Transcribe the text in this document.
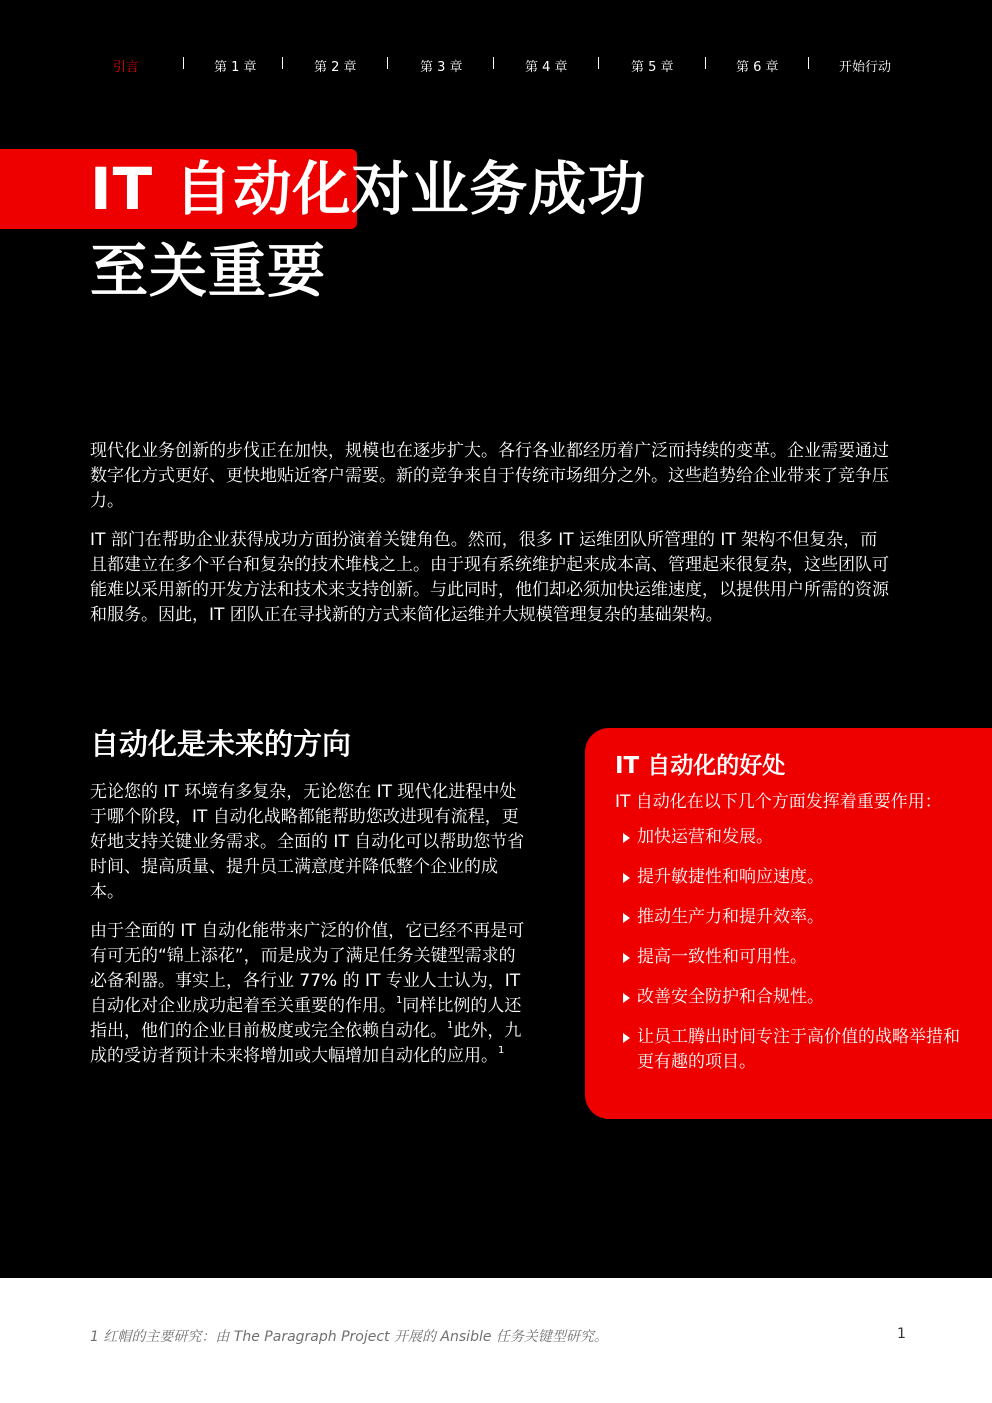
引言	第 1 章	第 2 章	第 3 章	第 4 章	第 5 章	第 6 章	开始行动
IT 自动化对业务成功
至关重要

现代化业务创新的步伐正在加快，规模也在逐步扩大。各行各业都经历着广泛而持续的变革。企业需要通过数字化方式更好、更快地贴近客户需要。新的竞争来自于传统市场细分之外。这些趋势给企业带来了竞争压力。

IT 部门在帮助企业获得成功方面扮演着关键角色。然而，很多 IT 运维团队所管理的 IT 架构不但复杂，而且都建立在多个平台和复杂的技术堆栈之上。由于现有系统维护起来成本高、管理起来很复杂，这些团队可能难以采用新的开发方法和技术来支持创新。与此同时，他们却必须加快运维速度，以提供用户所需的资源和服务。因此，IT 团队正在寻找新的方式来简化运维并大规模管理复杂的基础架构。

自动化是未来的方向

无论您的 IT 环境有多复杂，无论您在 IT 现代化进程中处于哪个阶段，IT 自动化战略都能帮助您改进现有流程，更好地支持关键业务需求。全面的 IT 自动化可以帮助您节省时间、提高质量、提升员工满意度并降低整个企业的成本。

由于全面的 IT 自动化能带来广泛的价值，它已经不再是可有可无的“锦上添花”，而是成为了满足任务关键型需求的必备利器。事实上，各行业 77% 的 IT 专业人士认为，IT 自动化对企业成功起着至关重要的作用。$^1$同样比例的人还指出，他们的企业目前极度或完全依赖自动化。$^1$此外，九成的受访者预计未来将增加或大幅增加自动化的应用。$^1$

IT 自动化的好处

IT 自动化在以下几个方面发挥着重要作用：

加快运营和发展。
提升敏捷性和响应速度。
推动生产力和提升效率。
提高一致性和可用性。
改善安全防护和合规性。
让员工腾出时间专注于高价值的战略举措和更有趣的项目。
1 红帽的主要研究：由 The Paragraph Project 开展的 Ansible 任务关键型研究。	1
